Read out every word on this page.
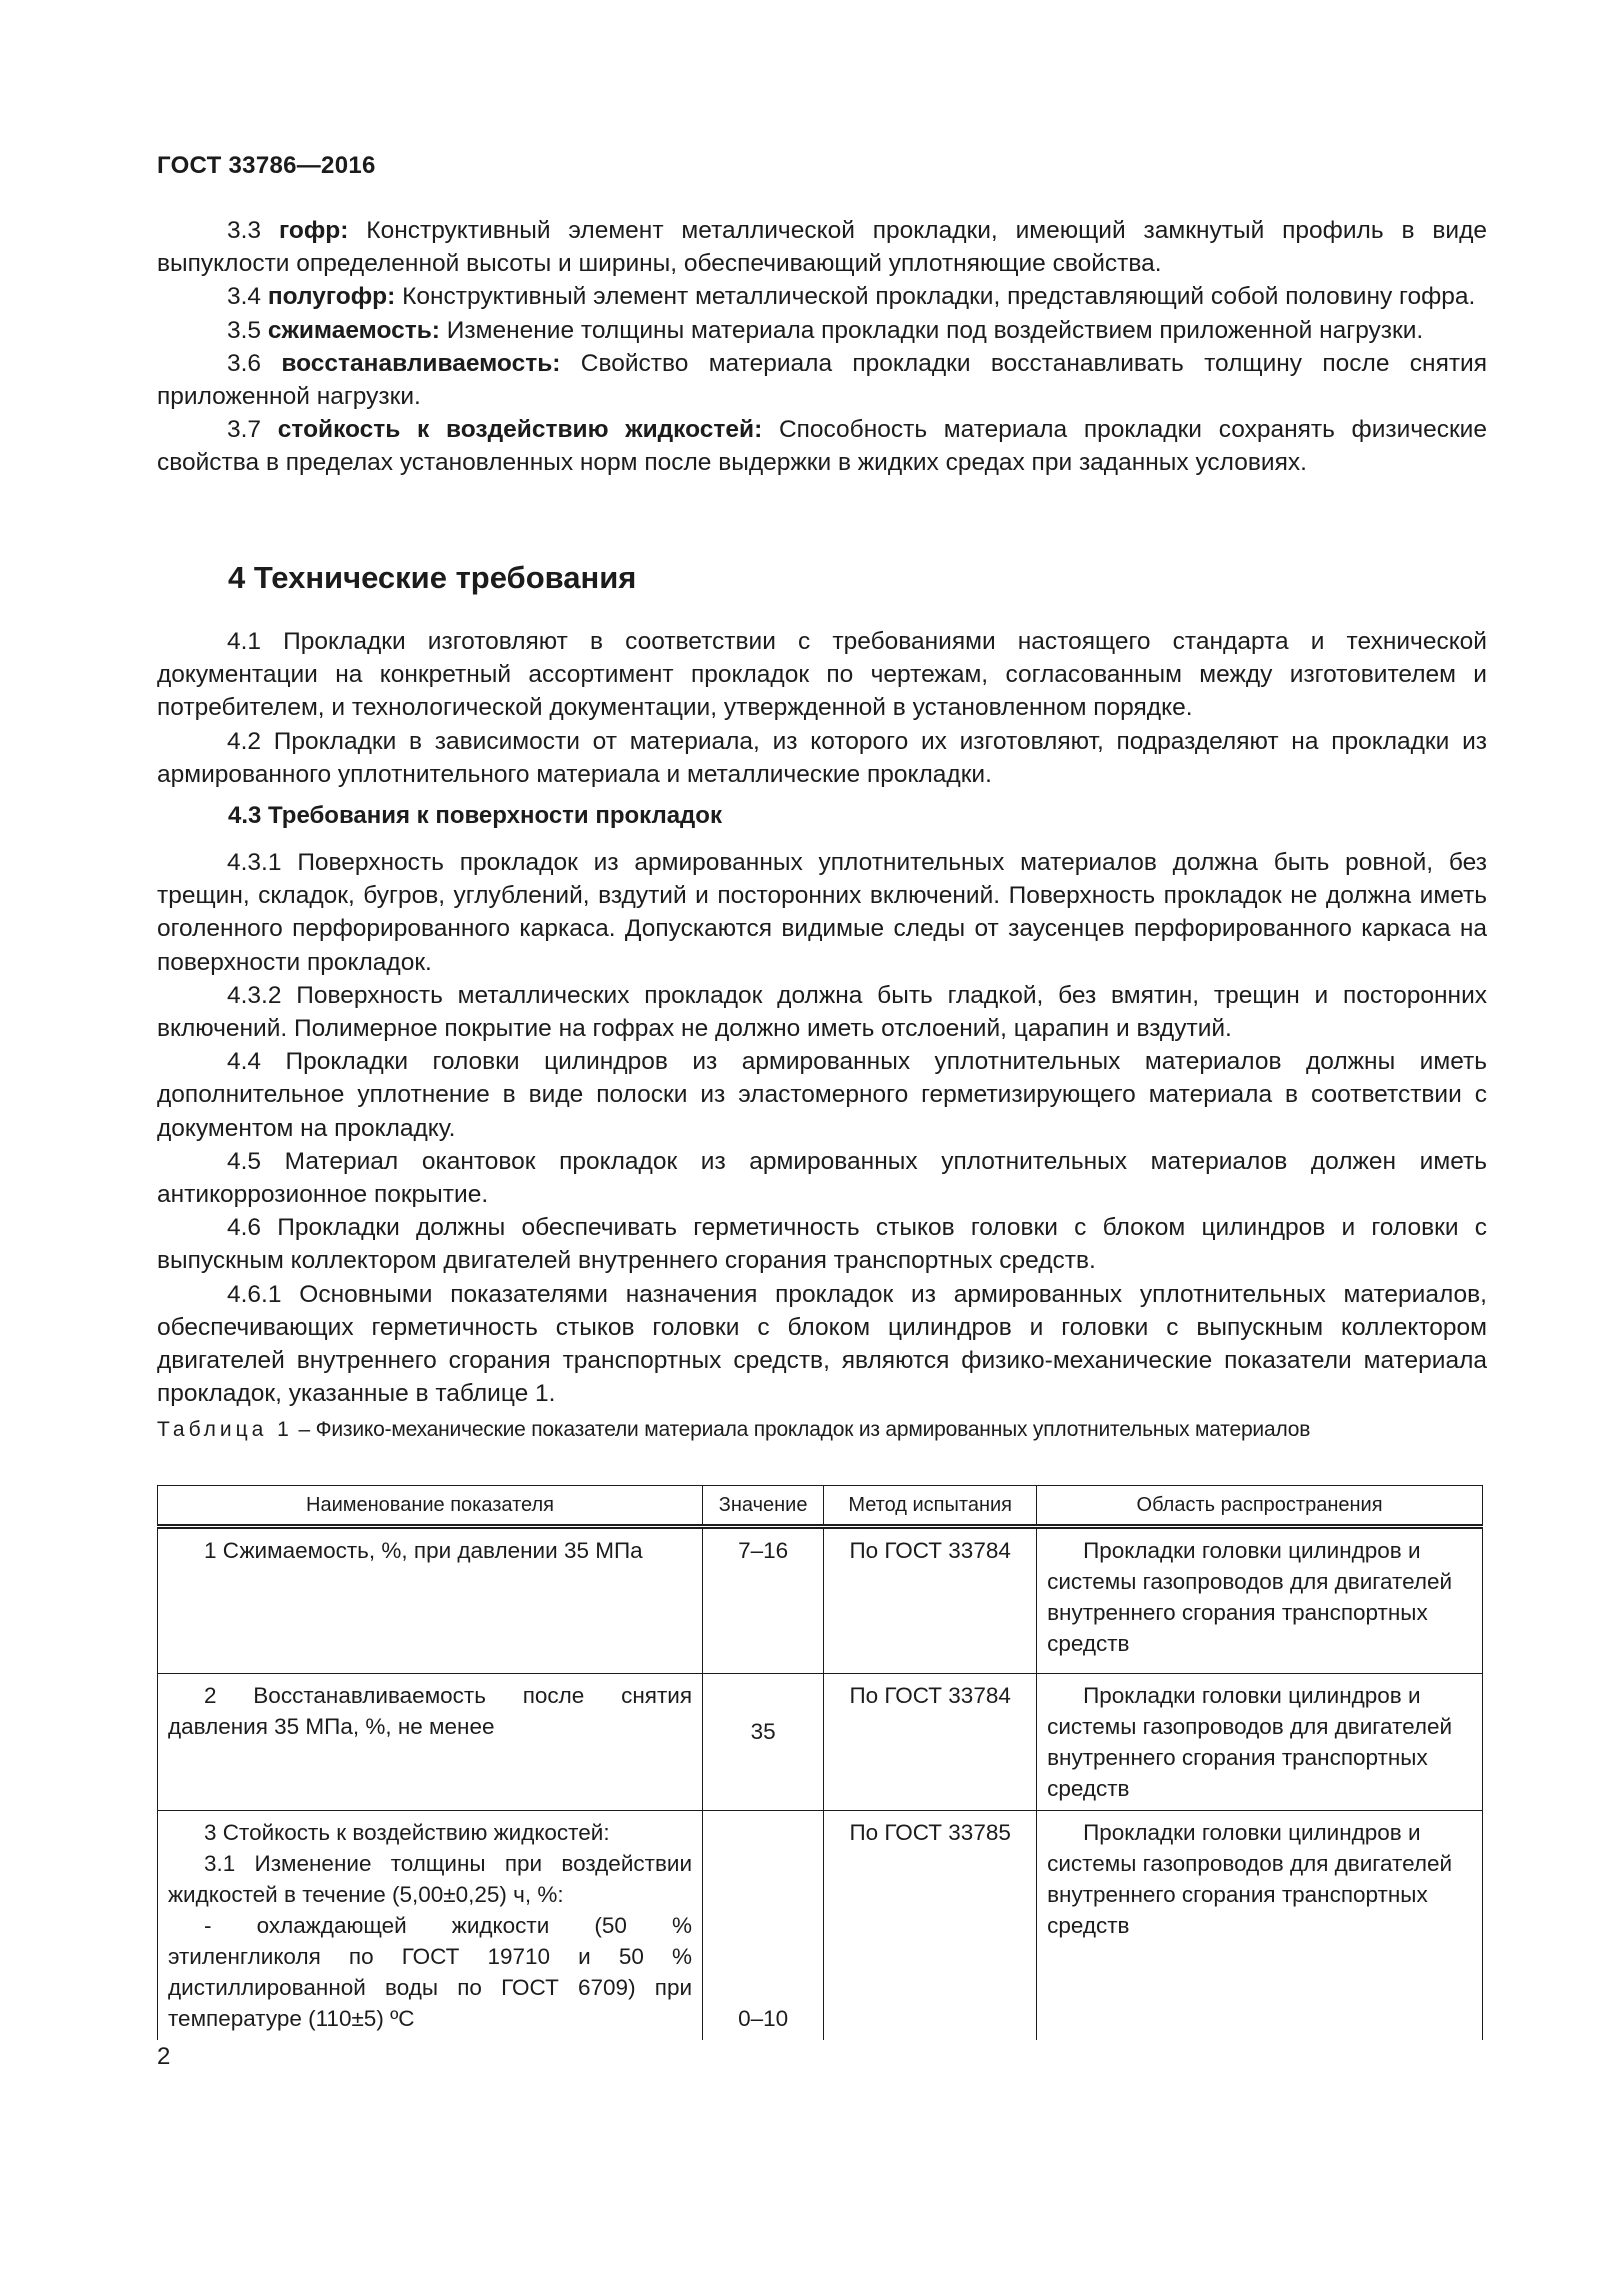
ГОСТ 33786—2016

3.3 гофр: Конструктивный элемент металлической прокладки, имеющий замкнутый профиль в виде выпуклости определенной высоты и ширины, обеспечивающий уплотняющие свойства.

3.4 полугофр: Конструктивный элемент металлической прокладки, представляющий собой половину гофра.

3.5 сжимаемость: Изменение толщины материала прокладки под воздействием приложенной нагрузки.

3.6 восстанавливаемость: Свойство материала прокладки восстанавливать толщину после снятия приложенной нагрузки.

3.7 стойкость к воздействию жидкостей: Способность материала прокладки сохранять физические свойства в пределах установленных норм после выдержки в жидких средах при заданных условиях.

4 Технические требования

4.1 Прокладки изготовляют в соответствии с требованиями настоящего стандарта и технической документации на конкретный ассортимент прокладок по чертежам, согласованным между изготовителем и потребителем, и технологической документации, утвержденной в установленном порядке.

4.2 Прокладки в зависимости от материала, из которого их изготовляют, подразделяют на прокладки из армированного уплотнительного материала и металлические прокладки.

4.3 Требования к поверхности прокладок

4.3.1 Поверхность прокладок из армированных уплотнительных материалов должна быть ровной, без трещин, складок, бугров, углублений, вздутий и посторонних включений. Поверхность прокладок не должна иметь оголенного перфорированного каркаса. Допускаются видимые следы от заусенцев перфорированного каркаса на поверхности прокладок.

4.3.2 Поверхность металлических прокладок должна быть гладкой, без вмятин, трещин и посторонних включений. Полимерное покрытие на гофрах не должно иметь отслоений, царапин и вздутий.

4.4 Прокладки головки цилиндров из армированных уплотнительных материалов должны иметь дополнительное уплотнение в виде полоски из эластомерного герметизирующего материала в соответствии с документом на прокладку.

4.5 Материал окантовок прокладок из армированных уплотнительных материалов должен иметь антикоррозионное покрытие.

4.6 Прокладки должны обеспечивать герметичность стыков головки с блоком цилиндров и головки с выпускным коллектором двигателей внутреннего сгорания транспортных средств.

4.6.1 Основными показателями назначения прокладок из армированных уплотнительных материалов, обеспечивающих герметичность стыков головки с блоком цилиндров и головки с выпускным коллектором двигателей внутреннего сгорания транспортных средств, являются физико-механические показатели материала прокладок, указанные в таблице 1.

Таблица 1 – Физико-механические показатели материала прокладок из армированных уплотнительных материалов
Наименование показателя	Значение	Метод испытания	Область распространения

1 Сжимаемость, %, при давлении 35 МПа	7–16	По ГОСТ 33784	Прокладки головки цилиндров и системы газопроводов для двигателей внутреннего сгорания транспортных средств

2 Восстанавливаемость после снятия давления 35 МПа, %, не менее	35	По ГОСТ 33784	Прокладки головки цилиндров и системы газопроводов для двигателей внутреннего сгорания транспортных средств

3 Стойкость к воздействию жидкостей:
3.1 Изменение толщины при воздействии жидкостей в течение (5,00±0,25) ч, %:
- охлаждающей жидкости (50 % этиленгликоля по ГОСТ 19710 и 50 % дистиллированной воды по ГОСТ 6709) при температуре (110±5) ºС	0–10	По ГОСТ 33785	Прокладки головки цилиндров и системы газопроводов для двигателей внутреннего сгорания транспортных средств
2
